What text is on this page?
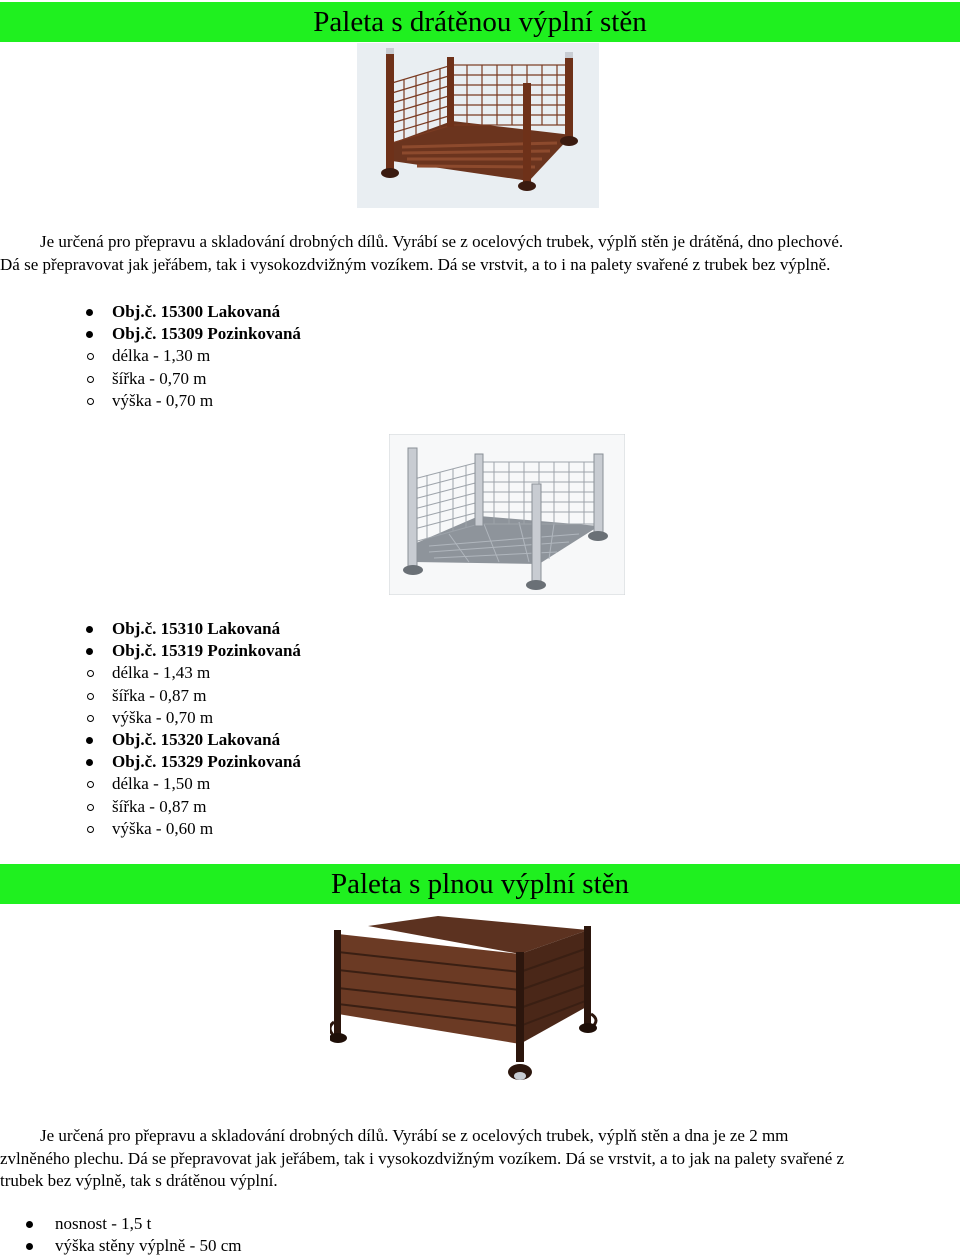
Paleta s drátěnou výplní stěn

Je určená pro přepravu a skladování drobných dílů. Vyrábí se z ocelových trubek, výplň stěn je drátěná, dno plechové.
Dá se přepravovat jak jeřábem, tak i vysokozdvižným vozíkem. Dá se vrstvit, a to i na palety svařené z trubek bez výplně.

Obj.č. 15300 Lakovaná
Obj.č. 15309 Pozinkovaná
délka - 1,30 m
šířka - 0,70 m
výška - 0,70 m
Obj.č. 15310 Lakovaná
Obj.č. 15319 Pozinkovaná
délka - 1,43 m
šířka - 0,87 m
výška - 0,70 m
Obj.č. 15320 Lakovaná
Obj.č. 15329 Pozinkovaná
délka - 1,50 m
šířka - 0,87 m
výška - 0,60 m
Paleta s plnou výplní stěn

Je určená pro přepravu a skladování drobných dílů. Vyrábí se z ocelových trubek, výplň stěn a dna je ze 2 mm
zvlněného plechu. Dá se přepravovat jak jeřábem, tak i vysokozdvižným vozíkem. Dá se vrstvit, a to jak na palety svařené z
trubek bez výplně, tak s drátěnou výplní.

nosnost - 1,5 t
výška stěny výplně - 50 cm
